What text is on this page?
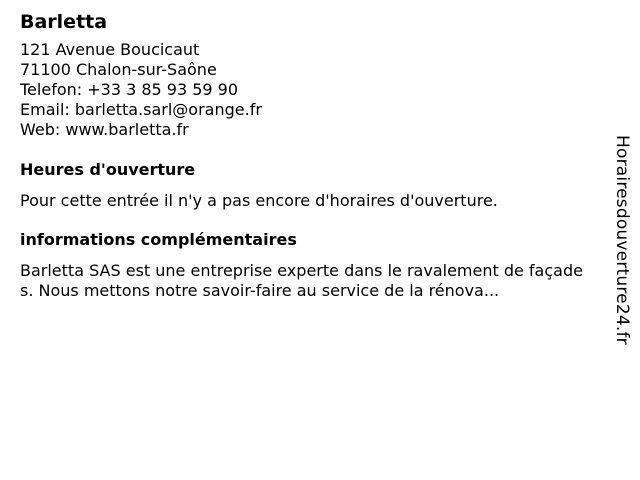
Barletta
121 Avenue Boucicaut
71100 Chalon-sur-Saône
Telefon: +33 3 85 93 59 90
Email: barletta.sarl@orange.fr
Web: www.barletta.fr
Heures d'ouverture
Pour cette entrée il n'y a pas encore d'horaires d'ouverture.
informations complémentaires
Barletta SAS est une entreprise experte dans le ravalement de façades. Nous mettons notre savoir-faire au service de la rénova...	Horairesdouverture24.fr
